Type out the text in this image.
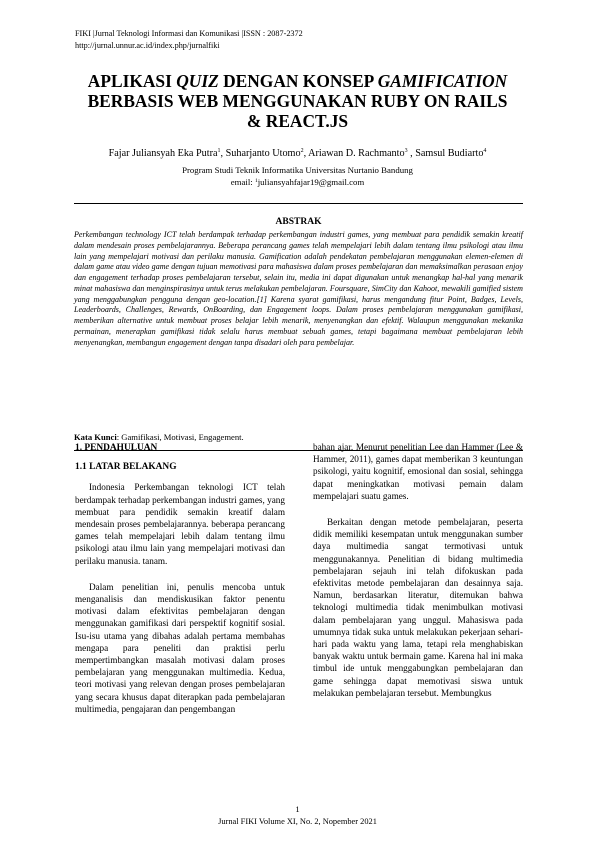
FIKI |Jurnal Teknologi Informasi dan Komunikasi |ISSN : 2087-2372
http://jurnal.unnur.ac.id/index.php/jurnalfiki
APLIKASI QUIZ DENGAN KONSEP GAMIFICATION
BERBASIS WEB MENGGUNAKAN RUBY ON RAILS
& REACT.JS
Fajar Juliansyah Eka Putra$^1$, Suharjanto Utomo$^2$, Ariawan D. Rachmanto$^3$ , Samsul Budiarto$^4$
Program Studi Teknik Informatika Universitas Nurtanio Bandung
email: $^1$juliansyahfajar19@gmail.com
ABSTRAK
Perkembangan technology ICT telah berdampak terhadap perkembangan industri games, yang membuat para pendidik semakin kreatif dalam mendesain proses pembelajarannya. Beberapa perancang games telah mempelajari lebih dalam tentang ilmu psikologi atau ilmu lain yang mempelajari motivasi dan perilaku manusia. Gamification adalah pendekatan pembelajaran menggunakan elemen-elemen di dalam game atau video game dengan tujuan memotivasi para mahasiswa dalam proses pembelajaran dan memaksimalkan perasaan enjoy dan engagement terhadap proses pembelajaran tersebut, selain itu, media ini dapat digunakan untuk menangkap hal-hal yang menarik minat mahasiswa dan menginspirasinya untuk terus melakukan pembelajaran. Foursquare, SimCity dan Kahoot, mewakili gamified sistem yang menggabungkan pengguna dengan geo-location.[1] Karena syarat gamifikasi, harus mengandung fitur Point, Badges, Levels, Leaderboards, Challenges, Rewards, OnBoarding, dan Engagement loops. Dalam proses pembelajaran menggunakan gamifikasi, memberikan alternative untuk membuat proses belajar lebih menarik, menyenangkan dan efektif. Walaupun menggunakan mekanika permainan, menerapkan gamifikasi tidak selalu harus membuat sebuah games, tetapi bagaimana membuat pembelajaran lebih menyenangkan, membangun engagement dengan tanpa disadari oleh para pembelajar.
Kata Kunci: Gamifikasi, Motivasi, Engagement.

1. PENDAHULUAN

1.1 LATAR BELAKANG

Indonesia Perkembangan teknologi ICT telah berdampak terhadap perkembangan industri games, yang membuat para pendidik semakin kreatif dalam mendesain proses pembelajarannya. beberapa perancang games telah mempelajari lebih dalam tentang ilmu psikologi atau ilmu lain yang mempelajari motivasi dan perilaku manusia. tanam.

Dalam penelitian ini, penulis mencoba untuk menganalisis dan mendiskusikan faktor penentu motivasi dalam efektivitas pembelajaran dengan menggunakan gamifikasi dari perspektif kognitif sosial. Isu-isu utama yang dibahas adalah pertama membahas mengapa para peneliti dan praktisi perlu mempertimbangkan masalah motivasi dalam proses pembelajaran yang menggunakan multimedia. Kedua, teori motivasi yang relevan dengan proses pembelajaran yang secara khusus dapat diterapkan pada pembelajaran multimedia, pengajaran dan pengembangan

bahan ajar. Menurut penelitian Lee dan Hammer (Lee & Hammer, 2011), games dapat memberikan 3 keuntungan psikologi, yaitu kognitif, emosional dan sosial, sehingga dapat meningkatkan motivasi pemain dalam mempelajari suatu games.

Berkaitan dengan metode pembelajaran, peserta didik memiliki kesempatan untuk menggunakan sumber daya multimedia sangat termotivasi untuk menggunakannya. Penelitian di bidang multimedia pembelajaran sejauh ini telah difokuskan pada efektivitas metode pembelajaran dan desainnya saja. Namun, berdasarkan literatur, ditemukan bahwa teknologi multimedia tidak menimbulkan motivasi dalam pembelajaran yang unggul. Mahasiswa pada umumnya tidak suka untuk melakukan pekerjaan sehari-hari pada waktu yang lama, tetapi rela menghabiskan banyak waktu untuk bermain game. Karena hal ini maka timbul ide untuk menggabungkan pembelajaran dan game sehingga dapat memotivasi siswa untuk melakukan pembelajaran tersebut. Membungkus

1
Jurnal FIKI Volume XI, No. 2, Nopember 2021
